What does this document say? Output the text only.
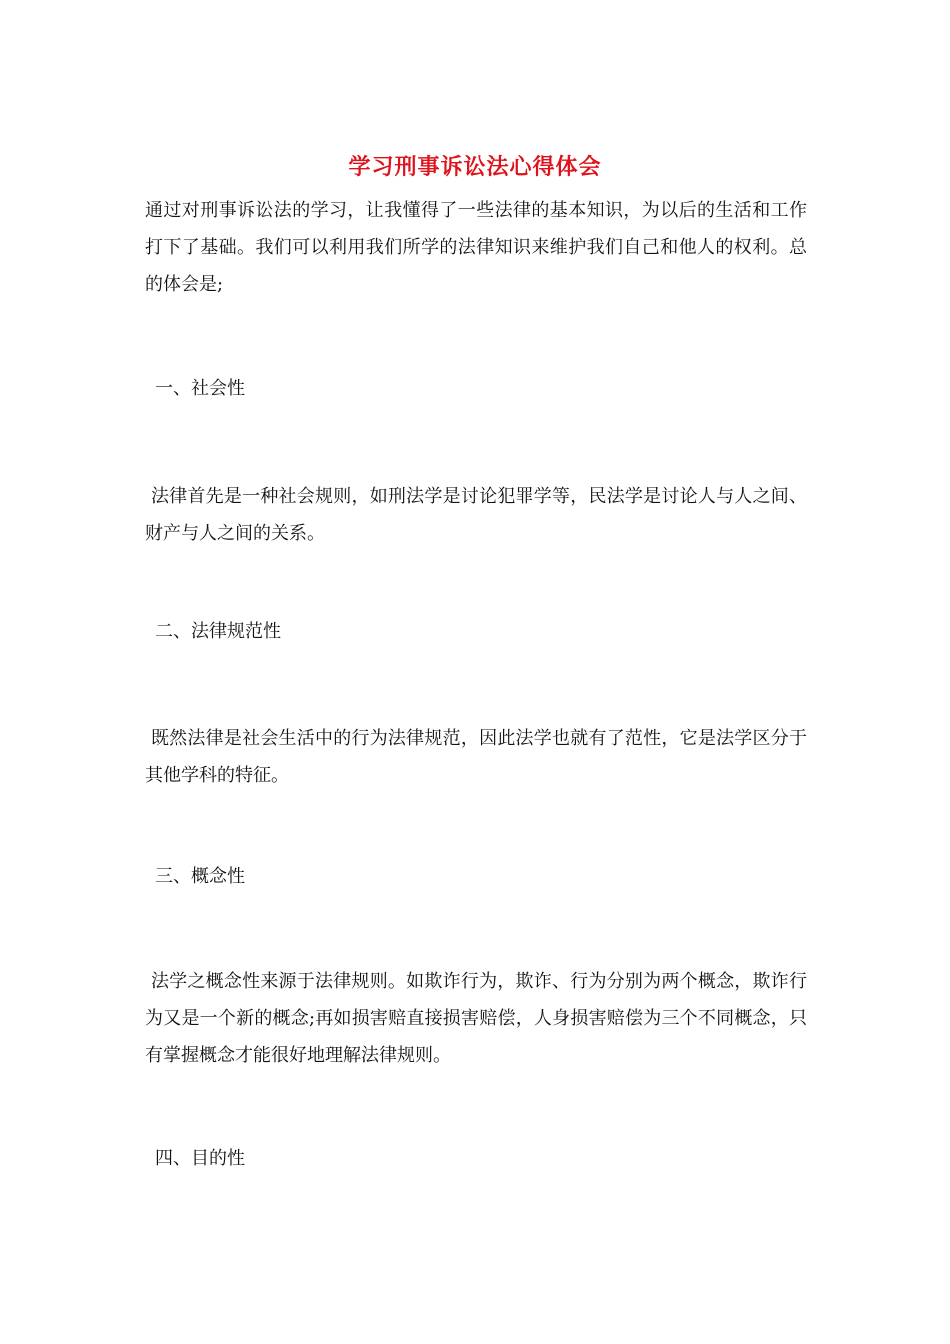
学习刑事诉讼法心得体会
通过对刑事诉讼法的学习，让我懂得了一些法律的基本知识，为以后的生活和工作打下了基础。我们可以利用我们所学的法律知识来维护我们自己和他人的权利。总的体会是;
一、社会性
法律首先是一种社会规则，如刑法学是讨论犯罪学等，民法学是讨论人与人之间、财产与人之间的关系。
二、法律规范性
既然法律是社会生活中的行为法律规范，因此法学也就有了范性，它是法学区分于其他学科的特征。
三、概念性
法学之概念性来源于法律规则。如欺诈行为，欺诈、行为分别为两个概念，欺诈行为又是一个新的概念;再如损害赔直接损害赔偿，人身损害赔偿为三个不同概念，只有掌握概念才能很好地理解法律规则。
四、目的性
